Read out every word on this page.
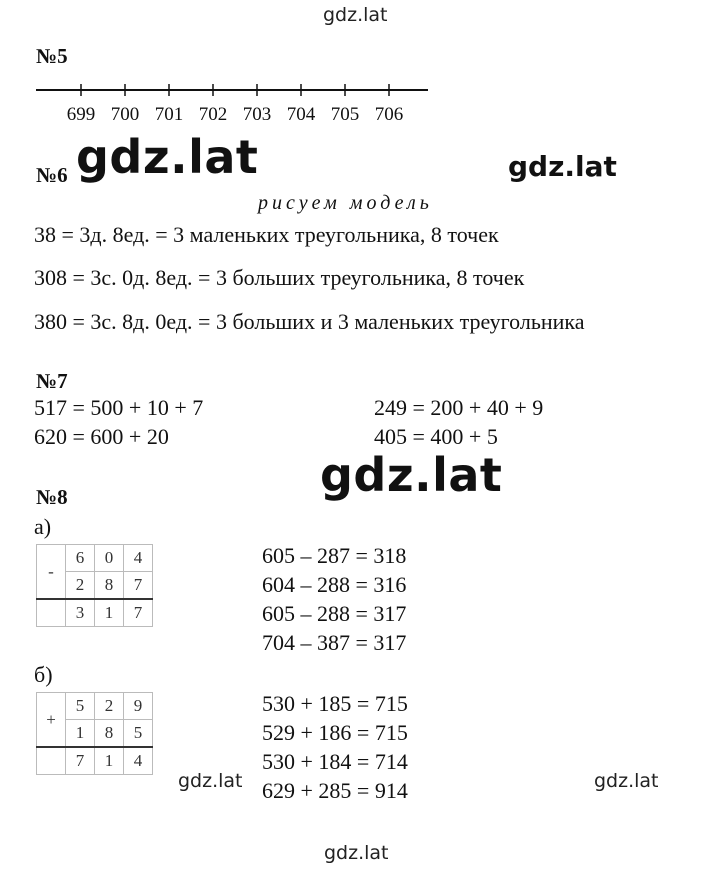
gdz.lat
gdz.lat	gdz.lat
gdz.lat
gdz.lat	gdz.lat
gdz.lat
№5
699 700 701 702 703 704 705 706
№6
рисуем модель
38 = 3д. 8ед. = 3 маленьких треугольника, 8 точек
308 = 3с. 0д. 8ед. = 3 больших треугольника, 8 точек
380 = 3с. 8д. 0ед. = 3 больших и 3 маленьких треугольника
№7
517 = 500 + 10 + 7
620 = 600 + 20
249 = 200 + 40 + 9
405 = 400 + 5
№8
а)
-	6	0	4
	2	8	7
	3	1	7
605 – 287 = 318
604 – 288 = 316
605 – 288 = 317
704 – 387 = 317
б)
+	5	2	9
	1	8	5
	7	1	4
530 + 185 = 715
529 + 186 = 715
530 + 184 = 714
629 + 285 = 914
